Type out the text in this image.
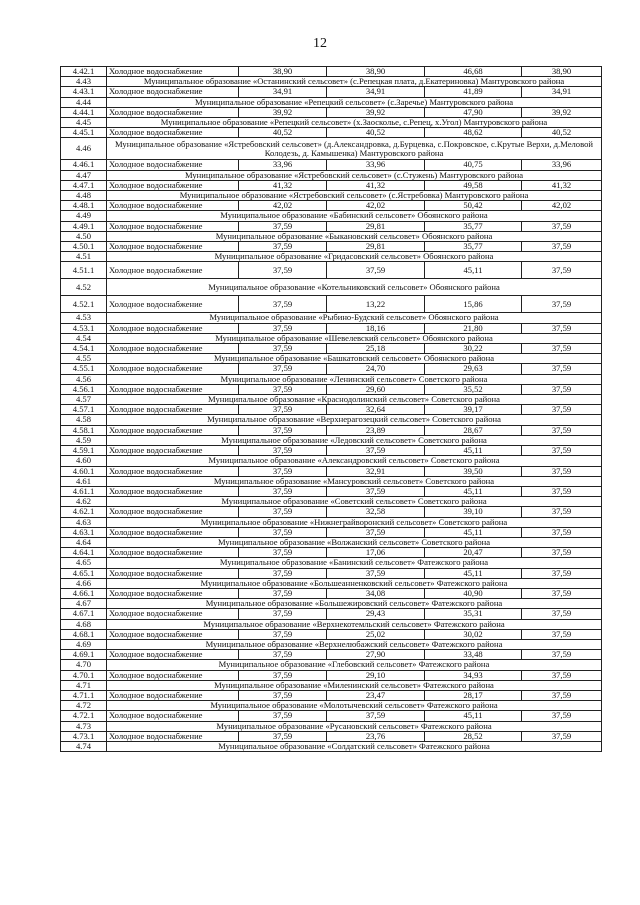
12
4.42.1	Холодное водоснабжение	38,90	38,90	46,68	38,90
4.43	Муниципальное образование «Останинский сельсовет» (с.Репецкая плата, д.Екатериновка) Мантуровского района				
4.43.1	Холодное водоснабжение	34,91	34,91	41,89	34,91
4.44	Муниципальное образование «Репецкий сельсовет» (с.Заречье) Мантуровского района				
4.44.1	Холодное водоснабжение	39,92	39,92	47,90	39,92
4.45	Муниципальное образование «Репецкий сельсовет» (х.Заосколье, с.Репец, х.Угол) Мантуровского района				
4.45.1	Холодное водоснабжение	40,52	40,52	48,62	40,52
4.46	Муниципальное образование «Ястребовский сельсовет» (д.Александровка, д.Бурцевка, с.Покровское, с.Крутые Верхи, д.Меловой Колодезь, д. Камышенка) Мантуровского района				
4.46.1	Холодное водоснабжение	33,96	33,96	40,75	33,96
4.47	Муниципальное образование «Ястребовский сельсовет» (с.Стужень) Мантуровского района				
4.47.1	Холодное водоснабжение	41,32	41,32	49,58	41,32
4.48	Муниципальное образование «Ястребовский сельсовет» (с.Ястребовка) Мантуровского района				
4.48.1	Холодное водоснабжение	42,02	42,02	50,42	42,02
4.49	Муниципальное образование «Бабинский сельсовет» Обоянского района				
4.49.1	Холодное водоснабжение	37,59	29,81	35,77	37,59
4.50	Муниципальное образование «Быкановский сельсовет» Обоянского района				
4.50.1	Холодное водоснабжение	37,59	29,81	35,77	37,59
4.51	Муниципальное образование «Гридасовский сельсовет» Обоянского района				
4.51.1	Холодное водоснабжение	37,59	37,59	45,11	37,59
4.52	Муниципальное образование «Котельниковский сельсовет» Обоянского района				
4.52.1	Холодное водоснабжение	37,59	13,22	15,86	37,59
4.53	Муниципальное образование «Рыбино-Будский сельсовет» Обоянского района				
4.53.1	Холодное водоснабжение	37,59	18,16	21,80	37,59
4.54	Муниципальное образование «Шевелевский сельсовет» Обоянского района				
4.54.1	Холодное водоснабжение	37,59	25,18	30,22	37,59
4.55	Муниципальное образование «Башкатовский сельсовет» Обоянского района				
4.55.1	Холодное водоснабжение	37,59	24,70	29,63	37,59
4.56	Муниципальное образование «Ленинский сельсовет» Советского района				
4.56.1	Холодное водоснабжение	37,59	29,60	35,52	37,59
4.57	Муниципальное образование «Краснодолинский сельсовет» Советского района				
4.57.1	Холодное водоснабжение	37,59	32,64	39,17	37,59
4.58	Муниципальное образование «Верхнерагозецкий сельсовет» Советского района				
4.58.1	Холодное водоснабжение	37,59	23,89	28,67	37,59
4.59	Муниципальное образование «Ледовский сельсовет» Советского района				
4.59.1	Холодное водоснабжение	37,59	37,59	45,11	37,59
4.60	Муниципальное образование «Александровский сельсовет» Советского района				
4.60.1	Холодное водоснабжение	37,59	32,91	39,50	37,59
4.61	Муниципальное образование «Мансуровский сельсовет» Советского района				
4.61.1	Холодное водоснабжение	37,59	37,59	45,11	37,59
4.62	Муниципальное образование «Советский сельсовет» Советского района				
4.62.1	Холодное водоснабжение	37,59	32,58	39,10	37,59
4.63	Муниципальное образование «Нижнеграйворонский сельсовет» Советского района				
4.63.1	Холодное водоснабжение	37,59	37,59	45,11	37,59
4.64	Муниципальное образование «Волжанский сельсовет» Советского района				
4.64.1	Холодное водоснабжение	37,59	17,06	20,47	37,59
4.65	Муниципальное образование «Банинский сельсовет» Фатежского района				
4.65.1	Холодное водоснабжение	37,59	37,59	45,11	37,59
4.66	Муниципальное образование «Большеанненковский сельсовет» Фатежского района				
4.66.1	Холодное водоснабжение	37,59	34,08	40,90	37,59
4.67	Муниципальное образование «Большежировский сельсовет» Фатежского района				
4.67.1	Холодное водоснабжение	37,59	29,43	35,31	37,59
4.68	Муниципальное образование «Верхнекотемльский сельсовет» Фатежского района				
4.68.1	Холодное водоснабжение	37,59	25,02	30,02	37,59
4.69	Муниципальное образование «Верхнелюбажский сельсовет» Фатежского района				
4.69.1	Холодное водоснабжение	37,59	27,90	33,48	37,59
4.70	Муниципальное образование «Глебовский сельсовет» Фатежского района				
4.70.1	Холодное водоснабжение	37,59	29,10	34,93	37,59
4.71	Муниципальное образование «Миленинский сельсовет» Фатежского района				
4.71.1	Холодное водоснабжение	37,59	23,47	28,17	37,59
4.72	Муниципальное образование «Молотычевский сельсовет» Фатежского района				
4.72.1	Холодное водоснабжение	37,59	37,59	45,11	37,59
4.73	Муниципальное образование «Русановский сельсовет» Фатежского района				
4.73.1	Холодное водоснабжение	37,59	23,76	28,52	37,59
4.74	Муниципальное образование «Солдатский сельсовет» Фатежского района				
